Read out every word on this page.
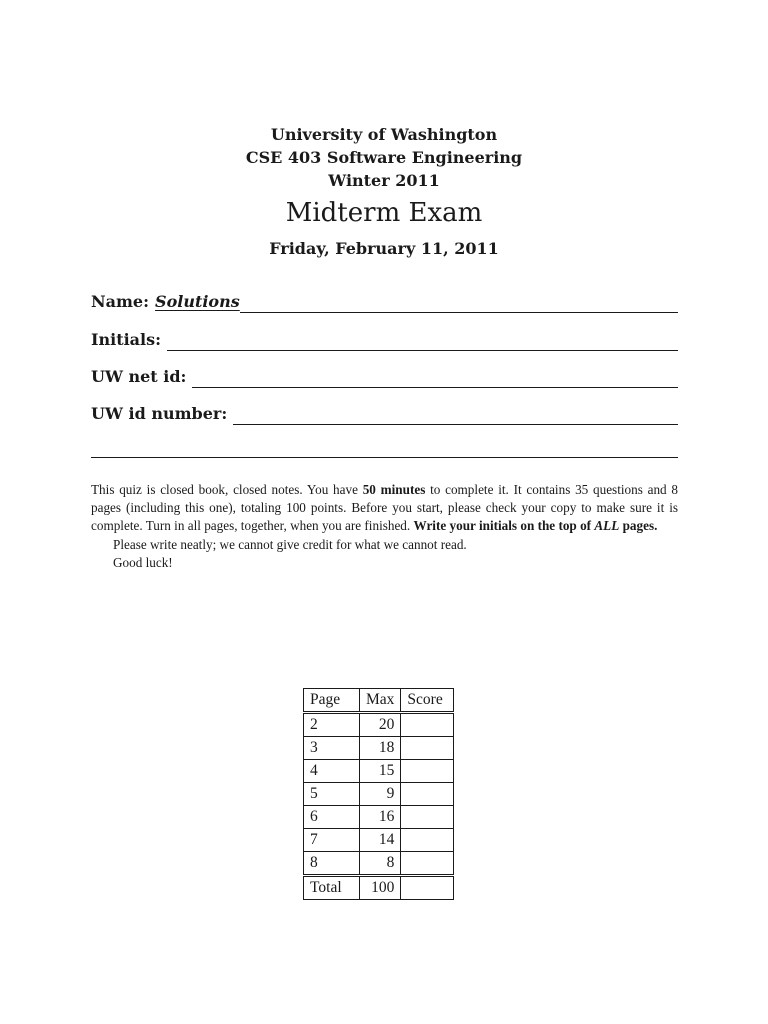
University of Washington
CSE 403 Software Engineering
Winter 2011
Midterm Exam
Friday, February 11, 2011
Name: Solutions
Initials:
UW net id:
UW id number:

This quiz is closed book, closed notes. You have 50 minutes to complete it. It contains 35 questions and 8 pages (including this one), totaling 100 points. Before you start, please check your copy to make sure it is complete. Turn in all pages, together, when you are finished. Write your initials on the top of ALL pages.

Please write neatly; we cannot give credit for what we cannot read.

Good luck!

Page	Max	Score
2	20	
3	18	
4	15	
5	9	
6	16	
7	14	
8	8	
Total	100	
